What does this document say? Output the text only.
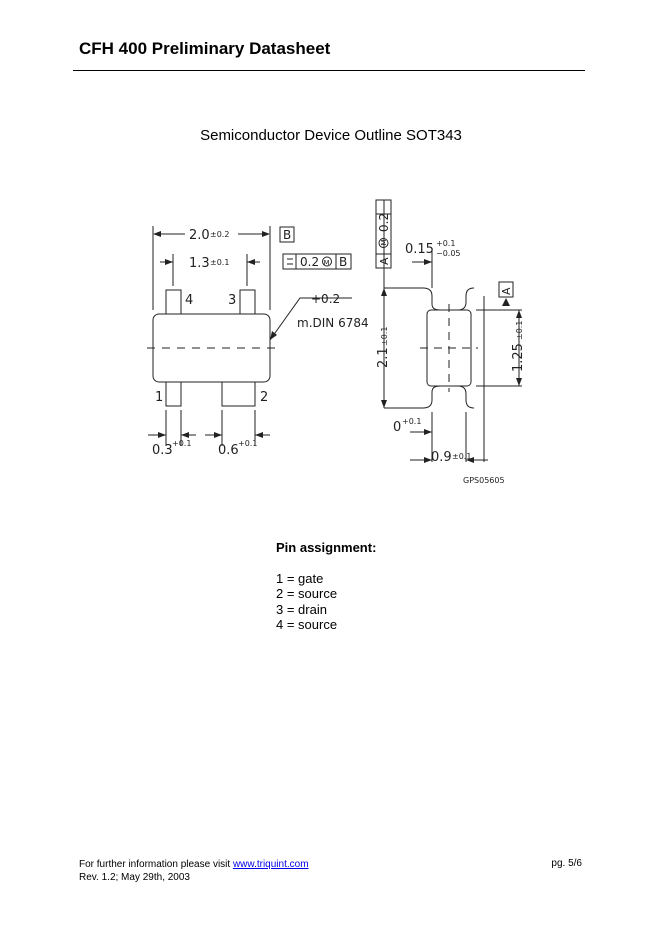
CFH 400 Preliminary Datasheet
Semiconductor Device Outline SOT343
2.0 ±0.2	B
1.3 ±0.1	0.2 M B
4	3
1	2
+0.2
m.DIN 6784
0.3 +0.1 0.6 +0.1
0.2
M
A
0.15 +0.1
−0.05
A
2.1
±0.1
1.25
±0.1
0 +0.1
0.9 ±0.1
GPS05605
Pin assignment:
1 = gate
2 = source
3 = drain
4 = source
For further information please visit www.triquint.com
Rev. 1.2; May 29th, 2003
pg. 5/6
